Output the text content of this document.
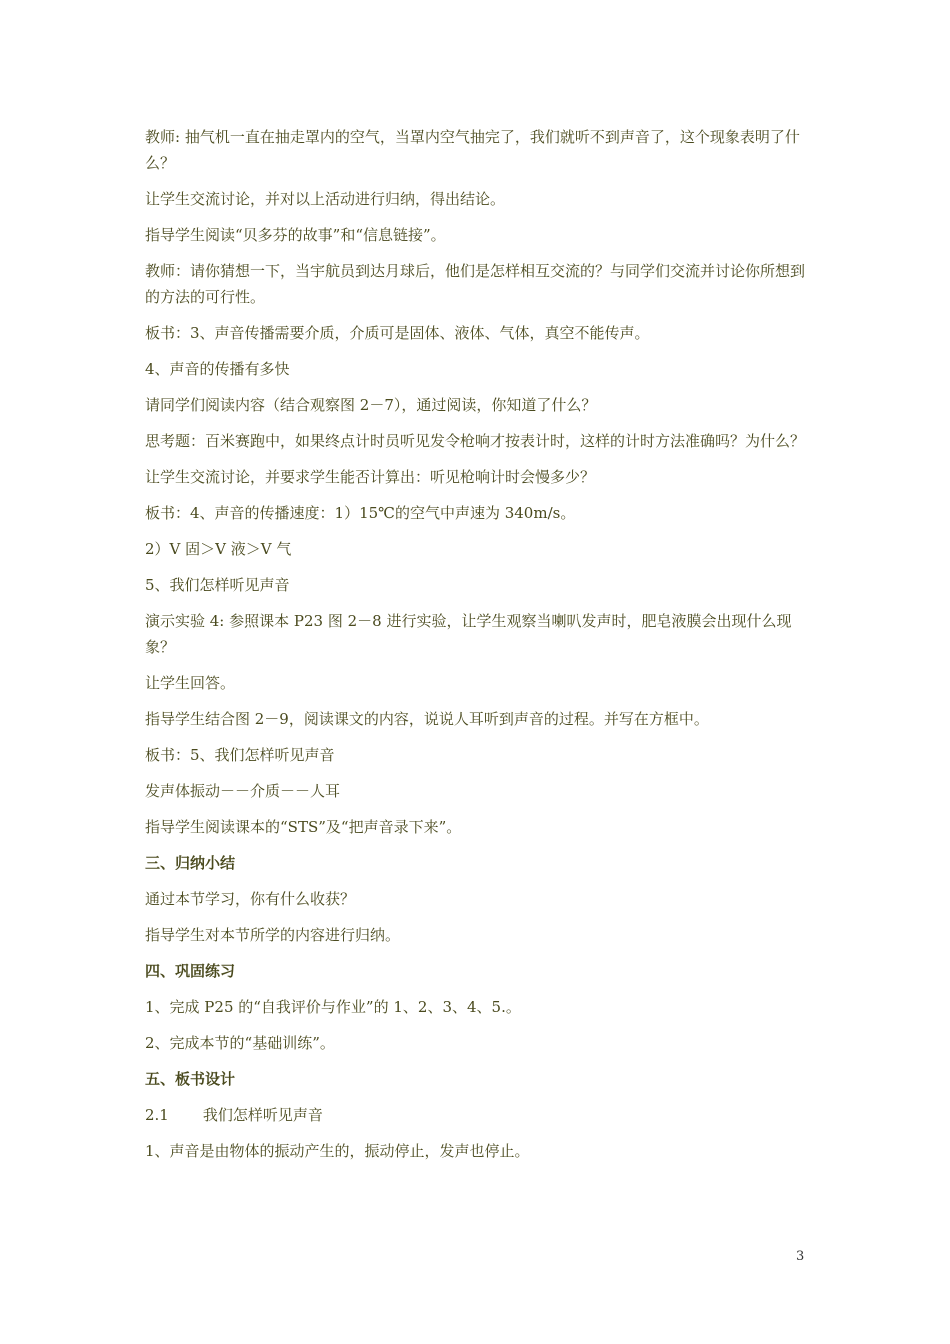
教师: 抽气机一直在抽走罩内的空气，当罩内空气抽完了，我们就听不到声音了，这个现象表明了什么？

让学生交流讨论，并对以上活动进行归纳，得出结论。

指导学生阅读“贝多芬的故事”和“信息链接”。

教师：请你猜想一下，当宇航员到达月球后，他们是怎样相互交流的？与同学们交流并讨论你所想到的方法的可行性。

板书：3、声音传播需要介质，介质可是固体、液体、气体，真空不能传声。

4、声音的传播有多快

请同学们阅读内容（结合观察图 2－7），通过阅读，你知道了什么？

思考题：百米赛跑中，如果终点计时员听见发令枪响才按表计时，这样的计时方法准确吗？为什么？

让学生交流讨论，并要求学生能否计算出：听见枪响计时会慢多少？

板书：4、声音的传播速度：1）15℃的空气中声速为 340m/s。

2）V 固＞V 液＞V 气

5、我们怎样听见声音

演示实验 4: 参照课本 P23 图 2－8 进行实验，让学生观察当喇叭发声时，肥皂液膜会出现什么现象？

让学生回答。

指导学生结合图 2－9，阅读课文的内容，说说人耳听到声音的过程。并写在方框中。

板书：5、我们怎样听见声音

发声体振动－－介质－－人耳

指导学生阅读课本的“STS”及“把声音录下来”。

三、归纳小结

通过本节学习，你有什么收获？

指导学生对本节所学的内容进行归纳。

四、巩固练习

1、完成 P25 的“自我评价与作业”的 1、2、3、4、5.。

2、完成本节的“基础训练”。

五、板书设计

2.1 我们怎样听见声音

1、声音是由物体的振动产生的，振动停止，发声也停止。

3
